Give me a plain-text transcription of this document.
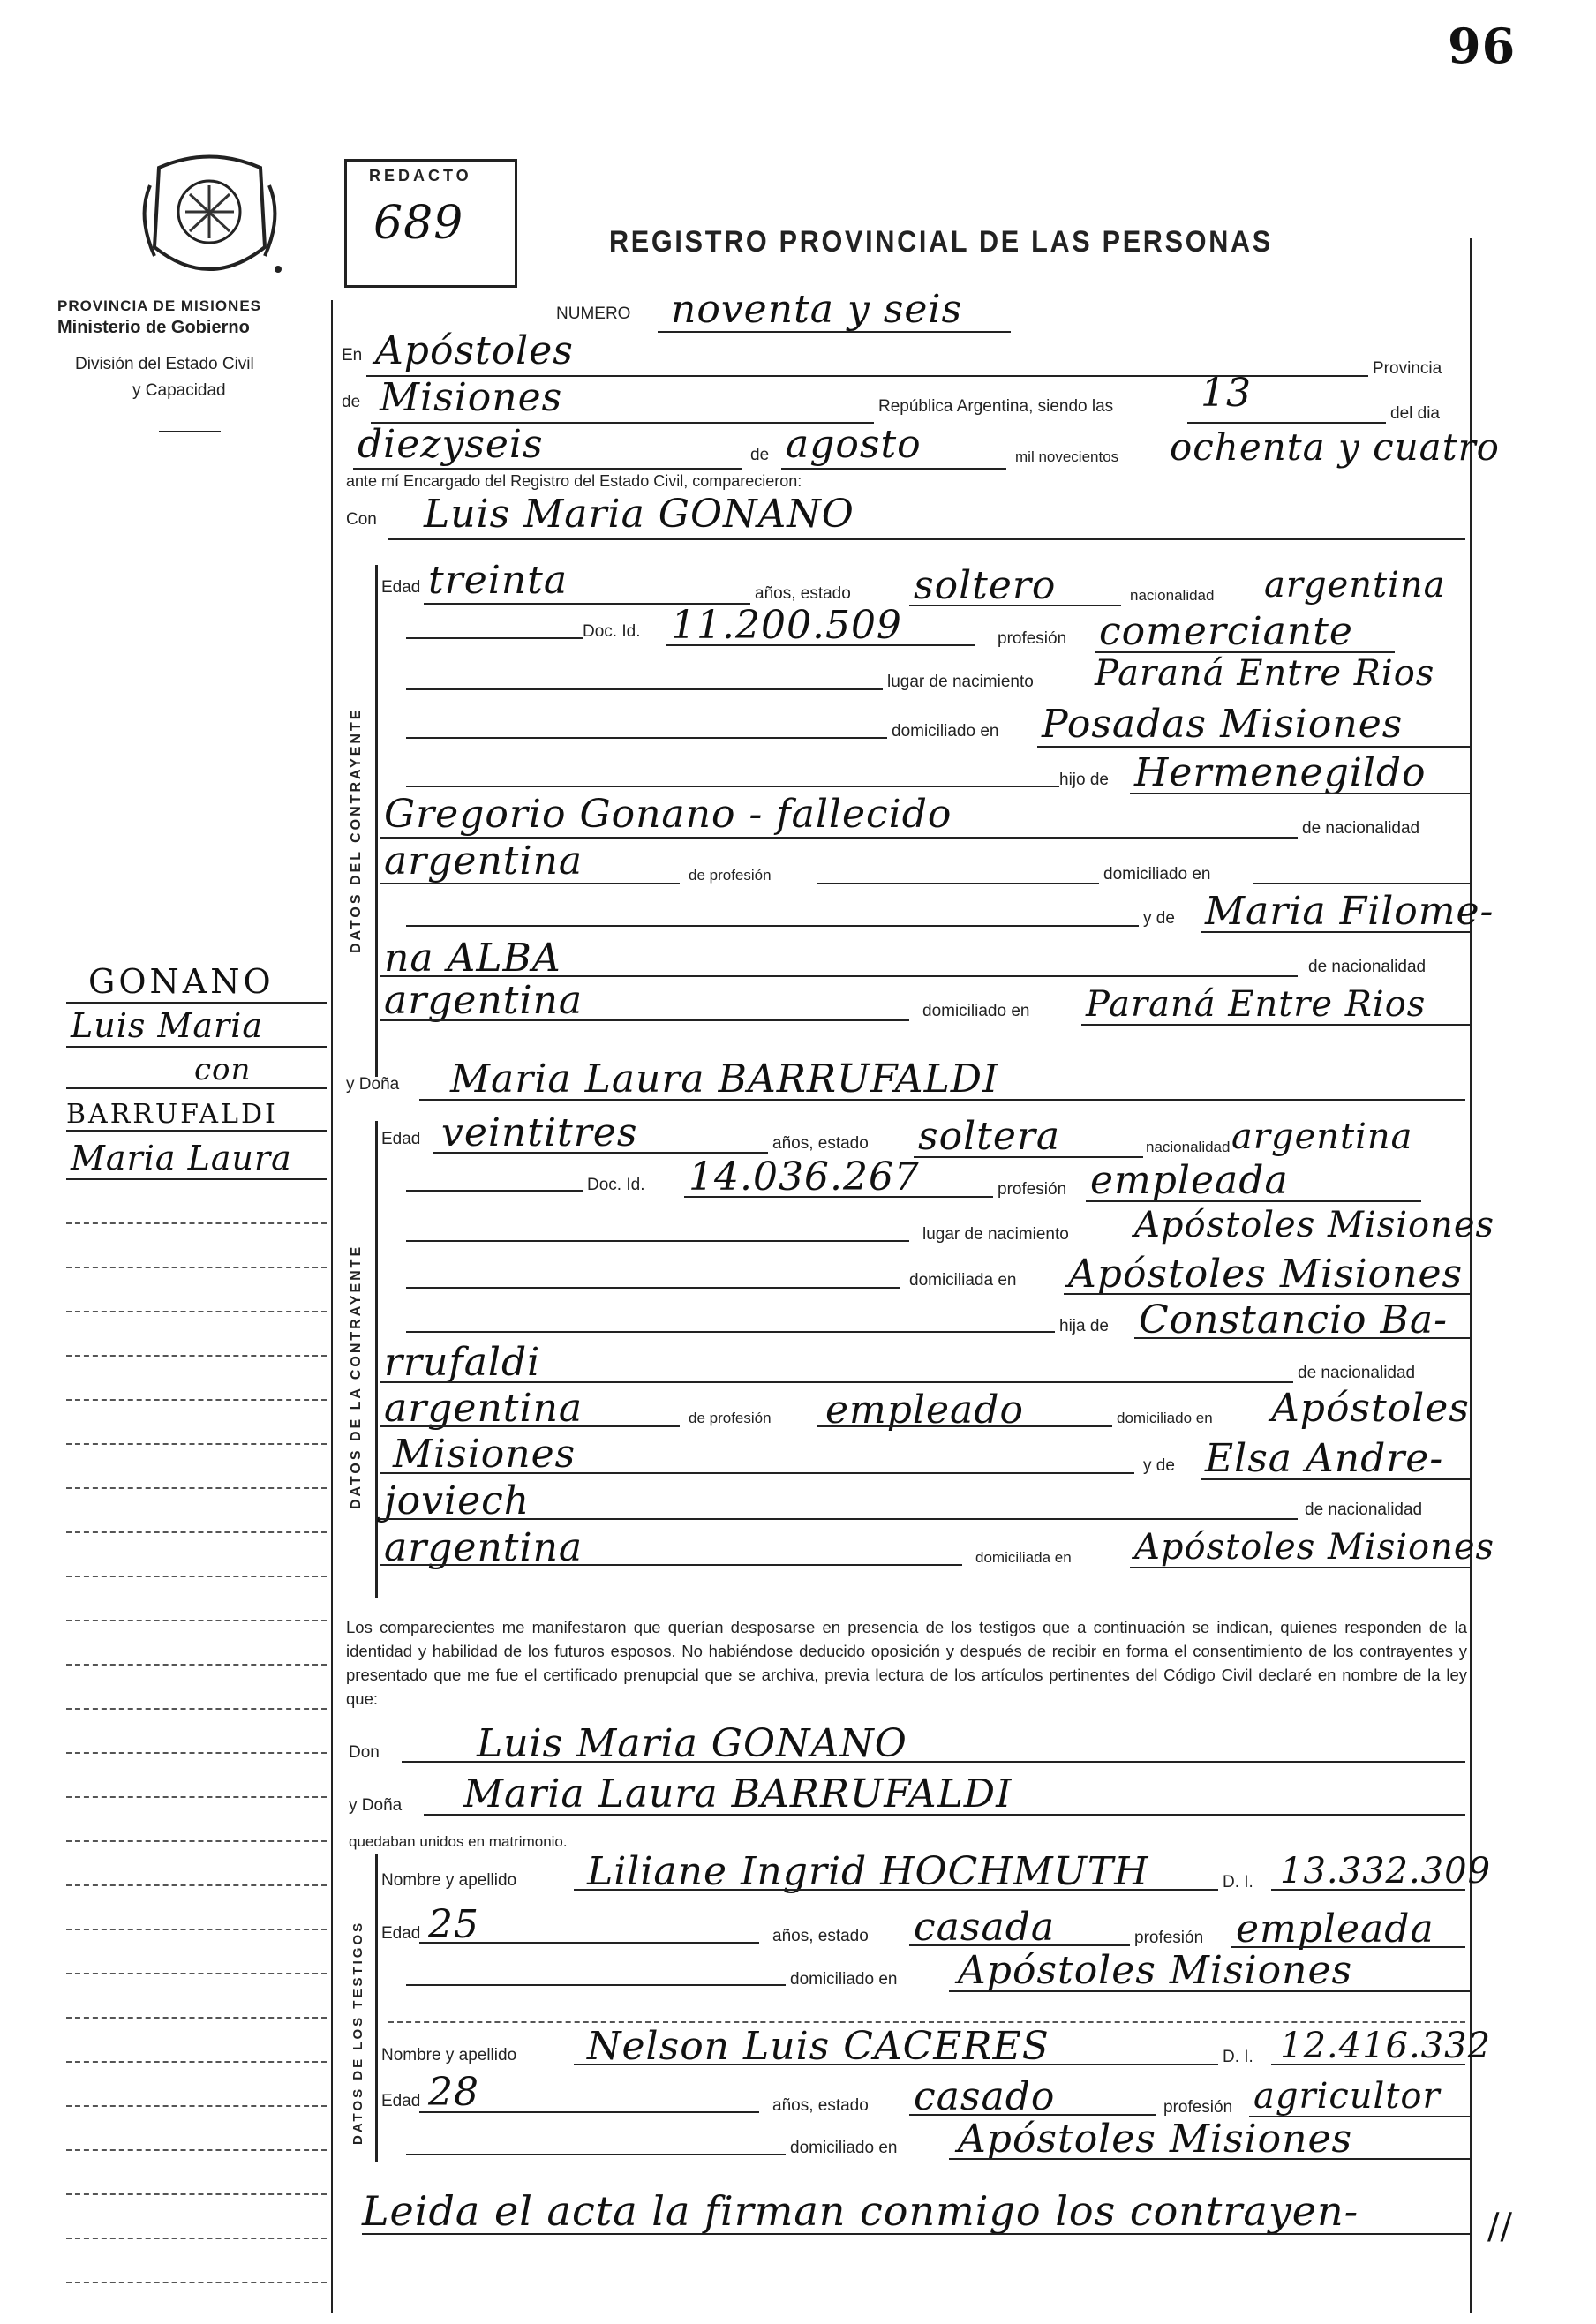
96
PROVINCIA DE MISIONES
Ministerio de Gobierno
División del Estado Civil
y Capacidad
REDACTO
689	REGISTRO PROVINCIAL DE LAS PERSONAS
NUMERO noventa y seis
En Apóstoles	Provincia
de Misiones	República Argentina, siendo las 13	del dia
diezyseis	de agosto	mil novecientos ochenta y cuatro
ante mí Encargado del Registro del Estado Civil, comparecieron:
Con Luis Maria GONANO
DATOS DEL CONTRAYENTE
Edad treinta	años, estado soltero	nacionalidad argentina
Doc. Id. 11.200.509	profesión comerciante
lugar de nacimiento Paraná Entre Rios
domiciliado en Posadas Misiones
hijo de Hermenegildo
Gregorio Gonano - fallecido	de nacionalidad
argentina	de profesión	domiciliado en
y de Maria Filome-
na ALBA	de nacionalidad
argentina	domiciliado en Paraná Entre Rios
GONANO
Luis Maria
con
BARRUFALDI
Maria Laura
y Doña Maria Laura BARRUFALDI
DATOS DE LA CONTRAYENTE
Edad veintitres	años, estado soltera	nacionalidad argentina
Doc. Id. 14.036.267	profesión empleada
lugar de nacimiento Apóstoles Misiones
domiciliada en Apóstoles Misiones
hija de Constancio Ba-
rrufaldi	de nacionalidad
argentina	de profesión empleado	domiciliado en Apóstoles
Misiones	y de Elsa Andre-
joviech	de nacionalidad
argentina	domiciliada en Apóstoles Misiones
Los comparecientes me manifestaron que querían desposarse en presencia de los testigos que a continuación se indican, quienes responden de la identidad y habilidad de los futuros esposos. No habiéndose deducido oposición y después de recibir en forma el consentimiento de los contrayentes y presentado que me fue el certificado prenupcial que se archiva, previa lectura de los artículos pertinentes del Código Civil declaré en nombre de la ley que:
Don	Luis Maria GONANO
y Doña Maria Laura BARRUFALDI
quedaban unidos en matrimonio.
DATOS DE LOS TESTIGOS
Nombre y apellido Liliane Ingrid HOCHMUTH	D. I. 13.332.309
Edad 25	años, estado casada	profesión empleada
domiciliado en Apóstoles Misiones
Nombre y apellido Nelson Luis CACERES	D. I. 12.416.332
Edad 28	años, estado casado	profesión agricultor
domiciliado en Apóstoles Misiones
Leida el acta la firman conmigo los contrayen-	//
